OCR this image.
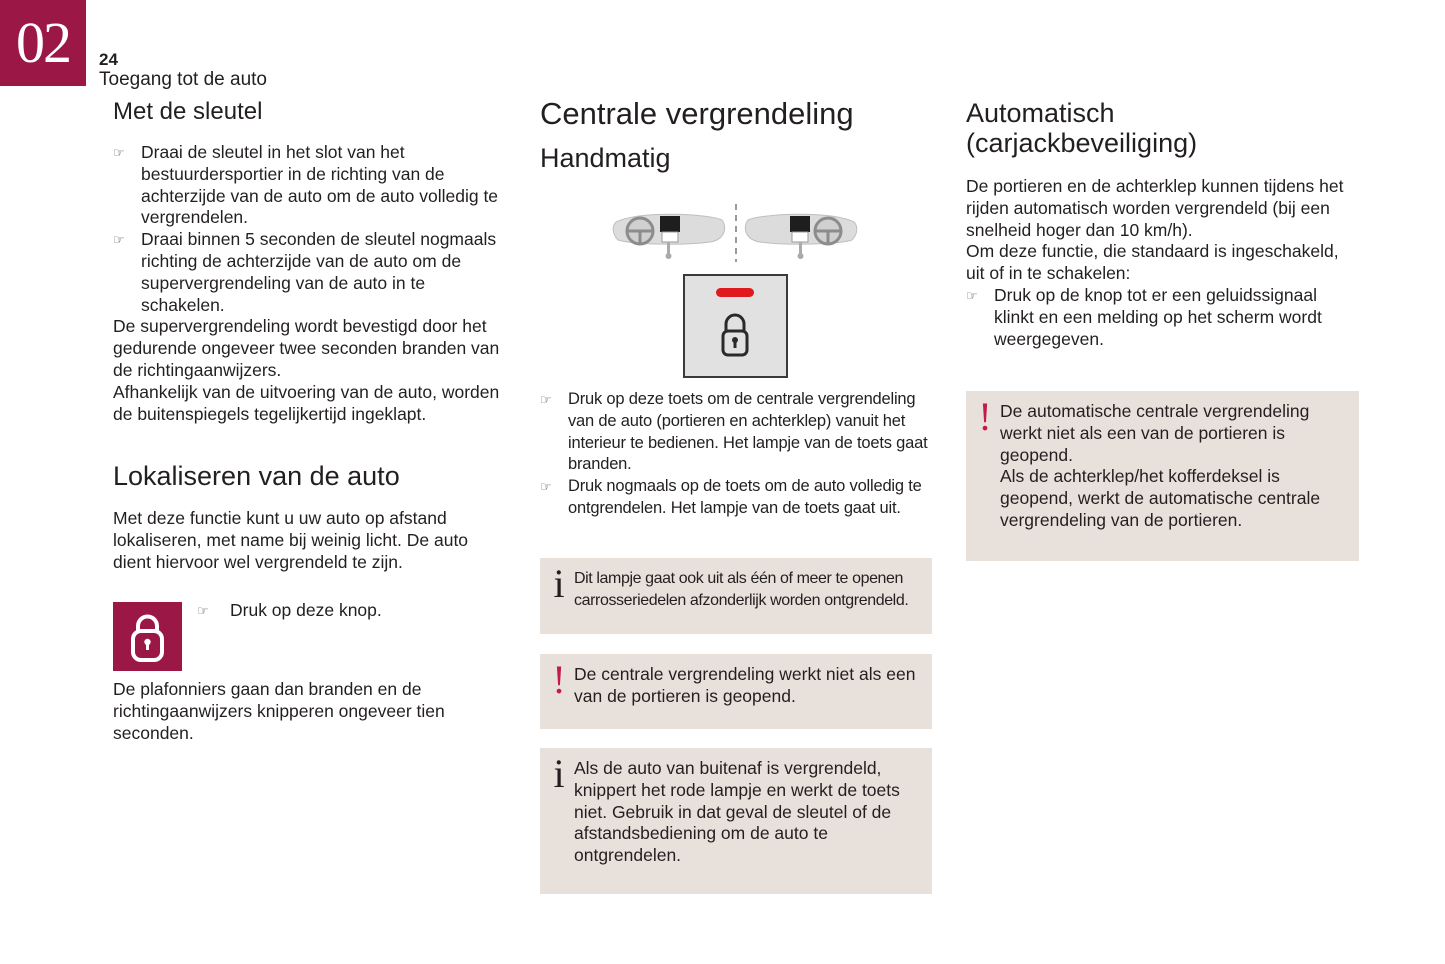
02	24
Toegang tot de auto
Met de sleutel
☞ Draai de sleutel in het slot van het bestuurdersportier in de richting van de achterzijde van de auto om de auto volledig te vergrendelen.
☞ Draai binnen 5 seconden de sleutel nogmaals richting de achterzijde van de auto om de supervergrendeling van de auto in te schakelen.

De supervergrendeling wordt bevestigd door het gedurende ongeveer twee seconden branden van de richtingaanwijzers.

Afhankelijk van de uitvoering van de auto, worden de buitenspiegels tegelijkertijd ingeklapt.

Lokaliseren van de auto

Met deze functie kunt u uw auto op afstand lokaliseren, met name bij weinig licht. De auto dient hiervoor wel vergrendeld te zijn.

☞ Druk op deze knop.

De plafonniers gaan dan branden en de richtingaanwijzers knipperen ongeveer tien seconden.

Centrale vergrendeling
Handmatig
☞ Druk op deze toets om de centrale vergrendeling van de auto (portieren en achterklep) vanuit het interieur te bedienen. Het lampje van de toets gaat branden.
☞ Druk nogmaals op de toets om de auto volledig te ontgrendelen. Het lampje van de toets gaat uit.
i Dit lampje gaat ook uit als één of meer te openen carrosseriedelen afzonderlijk worden ontgrendeld.

! De centrale vergrendeling werkt niet als een van de portieren is geopend.

i Als de auto van buitenaf is vergrendeld, knippert het rode lampje en werkt de toets niet. Gebruik in dat geval de sleutel of de afstandsbediening om de auto te ontgrendelen.

Automatisch (carjackbeveiliging)

De portieren en de achterklep kunnen tijdens het rijden automatisch worden vergrendeld (bij een snelheid hoger dan 10 km/h).

Om deze functie, die standaard is ingeschakeld, uit of in te schakelen:

☞ Druk op de knop tot er een geluidssignaal klinkt en een melding op het scherm wordt weergegeven.
! De automatische centrale vergrendeling werkt niet als een van de portieren is geopend.

Als de achterklep/het kofferdeksel is geopend, werkt de automatische centrale vergrendeling van de portieren.
